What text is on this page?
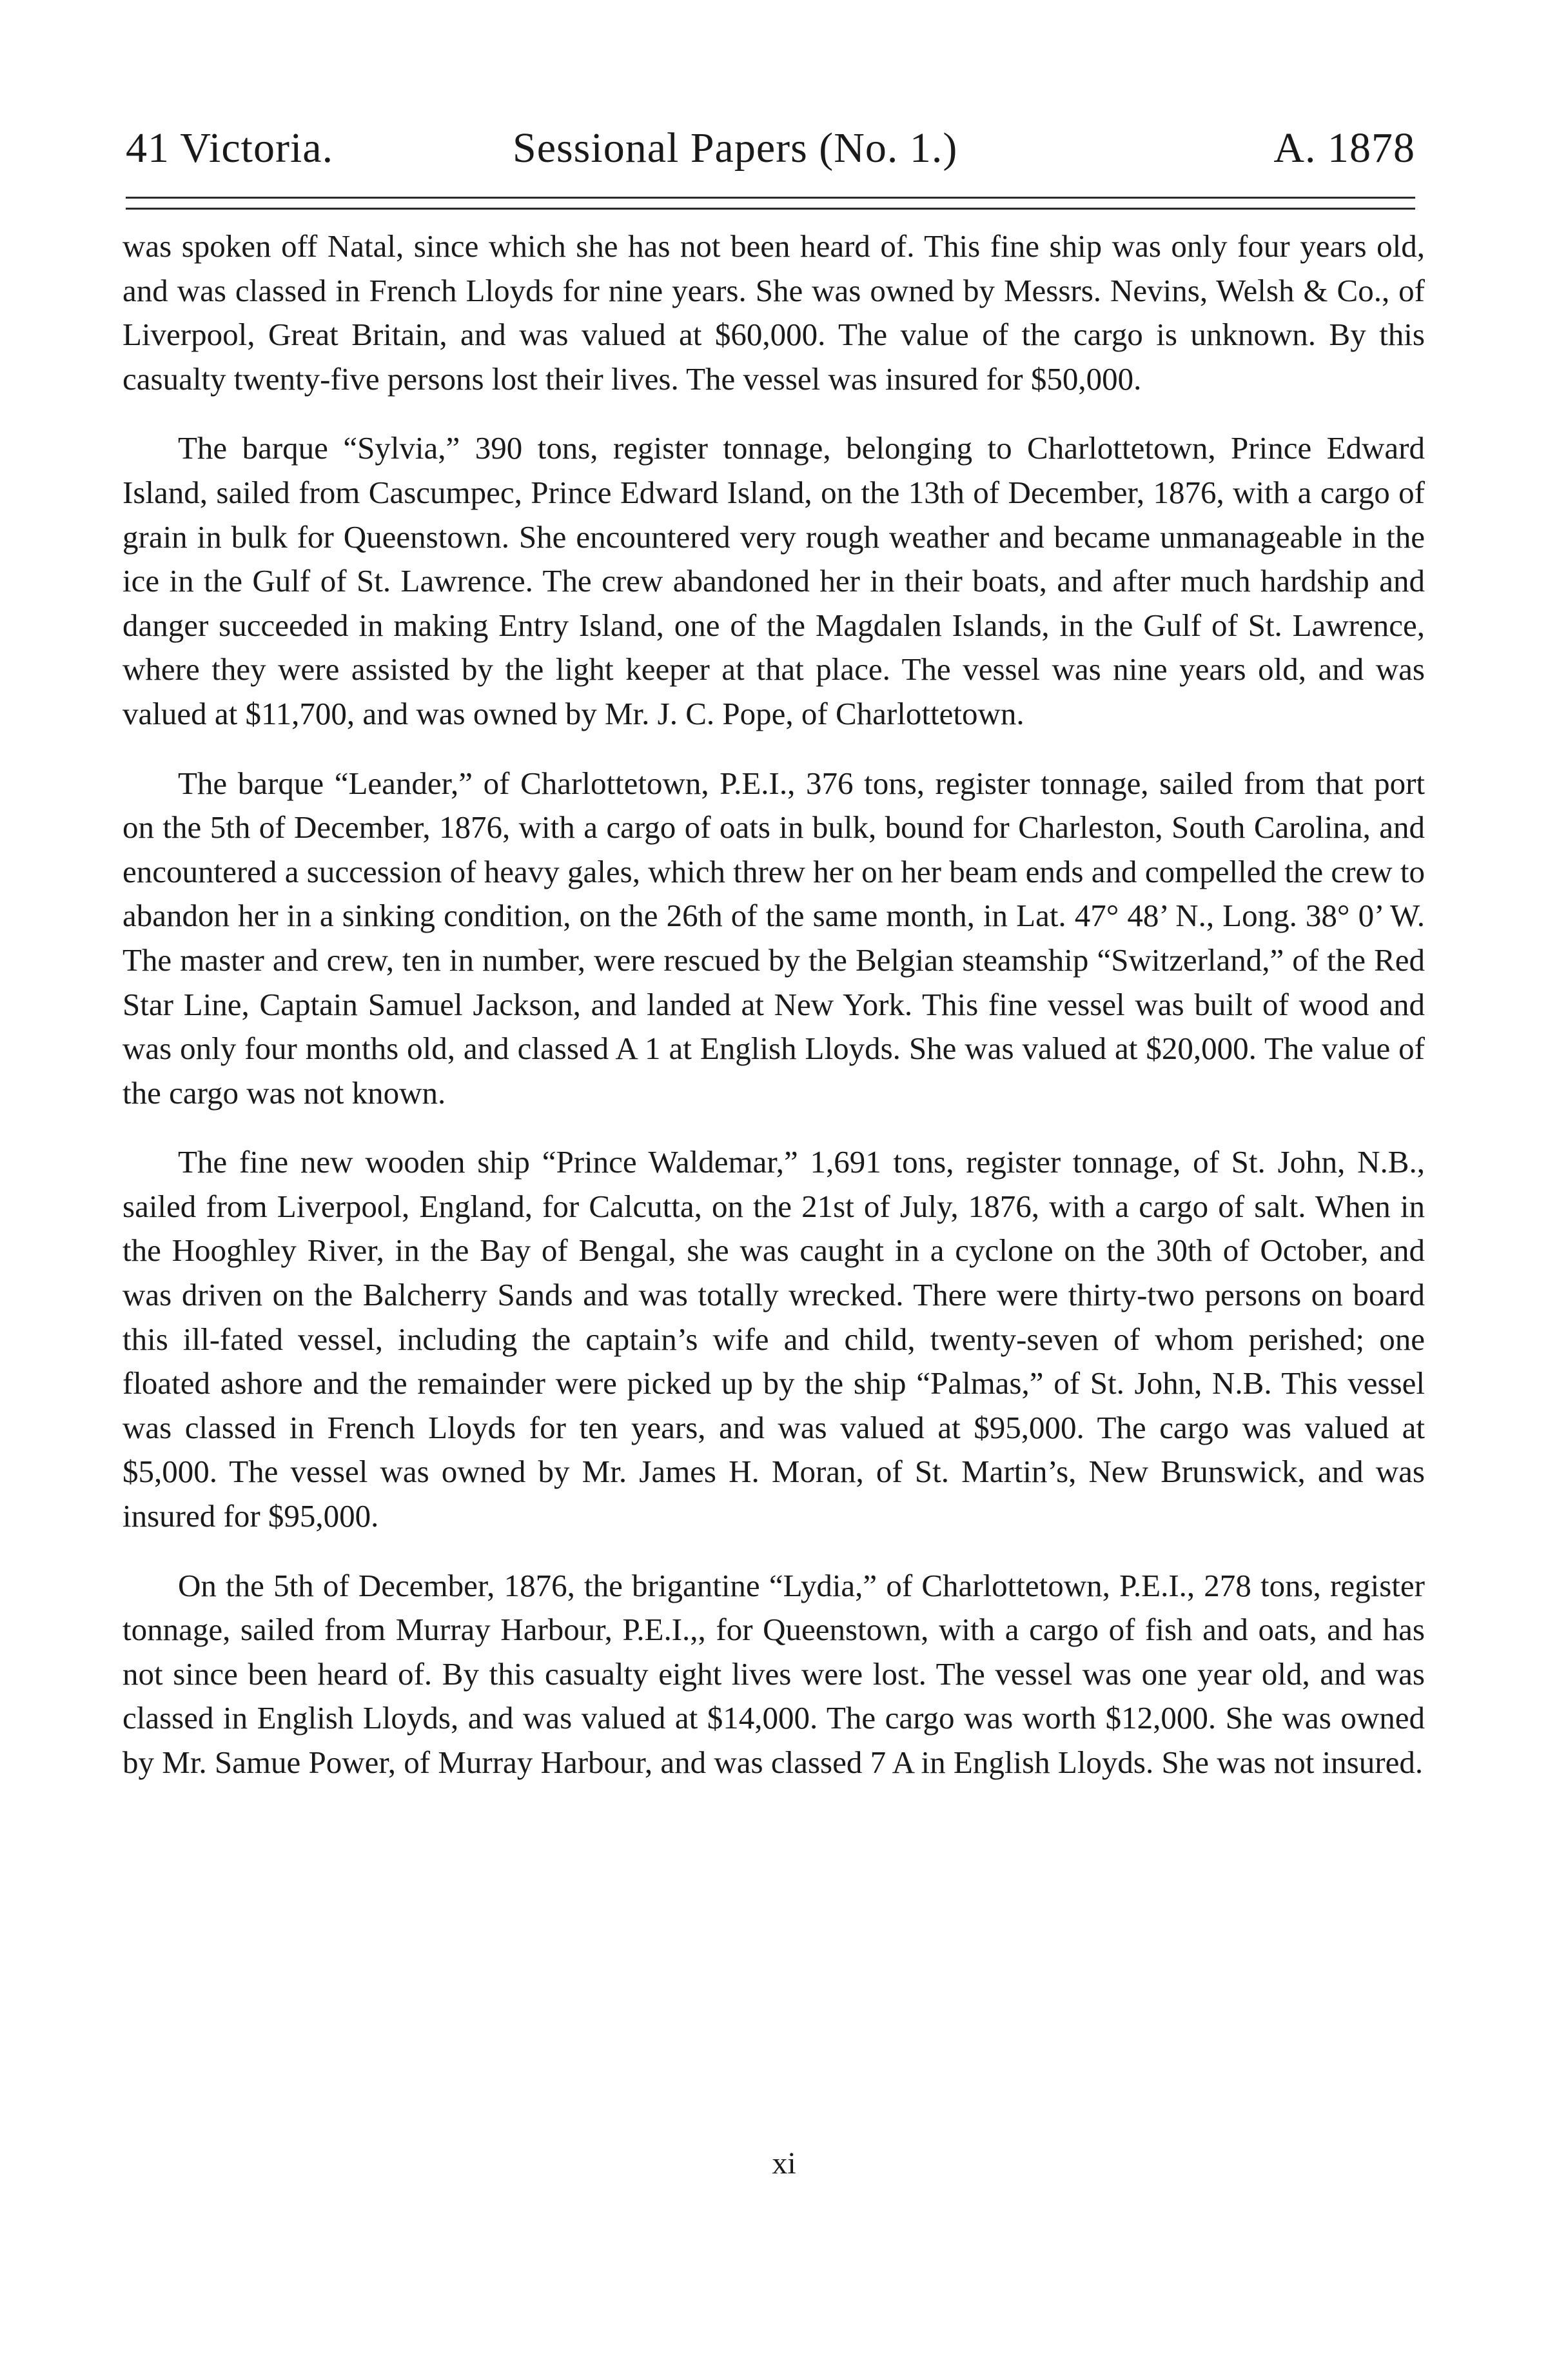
41 Victoria.	Sessional Papers (No. 1.)	A. 1878

was spoken off Natal, since which she has not been heard of. This fine ship was only four years old, and was classed in French Lloyds for nine years. She was owned by Messrs. Nevins, Welsh & Co., of Liverpool, Great Britain, and was valued at $60,000. The value of the cargo is unknown. By this casualty twenty-five persons lost their lives. The vessel was insured for $50,000.

The barque “Sylvia,” 390 tons, register tonnage, belonging to Charlottetown, Prince Edward Island, sailed from Cascumpec, Prince Edward Island, on the 13th of December, 1876, with a cargo of grain in bulk for Queenstown. She encountered very rough weather and became unmanageable in the ice in the Gulf of St. Lawrence. The crew abandoned her in their boats, and after much hardship and danger succeeded in making Entry Island, one of the Magdalen Islands, in the Gulf of St. Lawrence, where they were assisted by the light keeper at that place. The vessel was nine years old, and was valued at $11,700, and was owned by Mr. J. C. Pope, of Charlottetown.

The barque “Leander,” of Charlottetown, P.E.I., 376 tons, register tonnage, sailed from that port on the 5th of December, 1876, with a cargo of oats in bulk, bound for Charleston, South Carolina, and encountered a succession of heavy gales, which threw her on her beam ends and compelled the crew to abandon her in a sinking condition, on the 26th of the same month, in Lat. 47° 48’ N., Long. 38° 0’ W. The master and crew, ten in number, were rescued by the Belgian steamship “Switzerland,” of the Red Star Line, Captain Samuel Jackson, and landed at New York. This fine vessel was built of wood and was only four months old, and classed A 1 at English Lloyds. She was valued at $20,000. The value of the cargo was not known.

The fine new wooden ship “Prince Waldemar,” 1,691 tons, register tonnage, of St. John, N.B., sailed from Liverpool, England, for Calcutta, on the 21st of July, 1876, with a cargo of salt. When in the Hooghley River, in the Bay of Bengal, she was caught in a cyclone on the 30th of October, and was driven on the Balcherry Sands and was totally wrecked. There were thirty-two persons on board this ill-fated vessel, including the captain’s wife and child, twenty-seven of whom perished; one floated ashore and the remainder were picked up by the ship “Palmas,” of St. John, N.B. This vessel was classed in French Lloyds for ten years, and was valued at $95,000. The cargo was valued at $5,000. The vessel was owned by Mr. James H. Moran, of St. Martin’s, New Brunswick, and was insured for $95,000.

On the 5th of December, 1876, the brigantine “Lydia,” of Charlottetown, P.E.I., 278 tons, register tonnage, sailed from Murray Harbour, P.E.I.,, for Queenstown, with a cargo of fish and oats, and has not since been heard of. By this casualty eight lives were lost. The vessel was one year old, and was classed in English Lloyds, and was valued at $14,000. The cargo was worth $12,000. She was owned by Mr. Samue Power, of Murray Harbour, and was classed 7 A in English Lloyds. She was not insured.

xi
